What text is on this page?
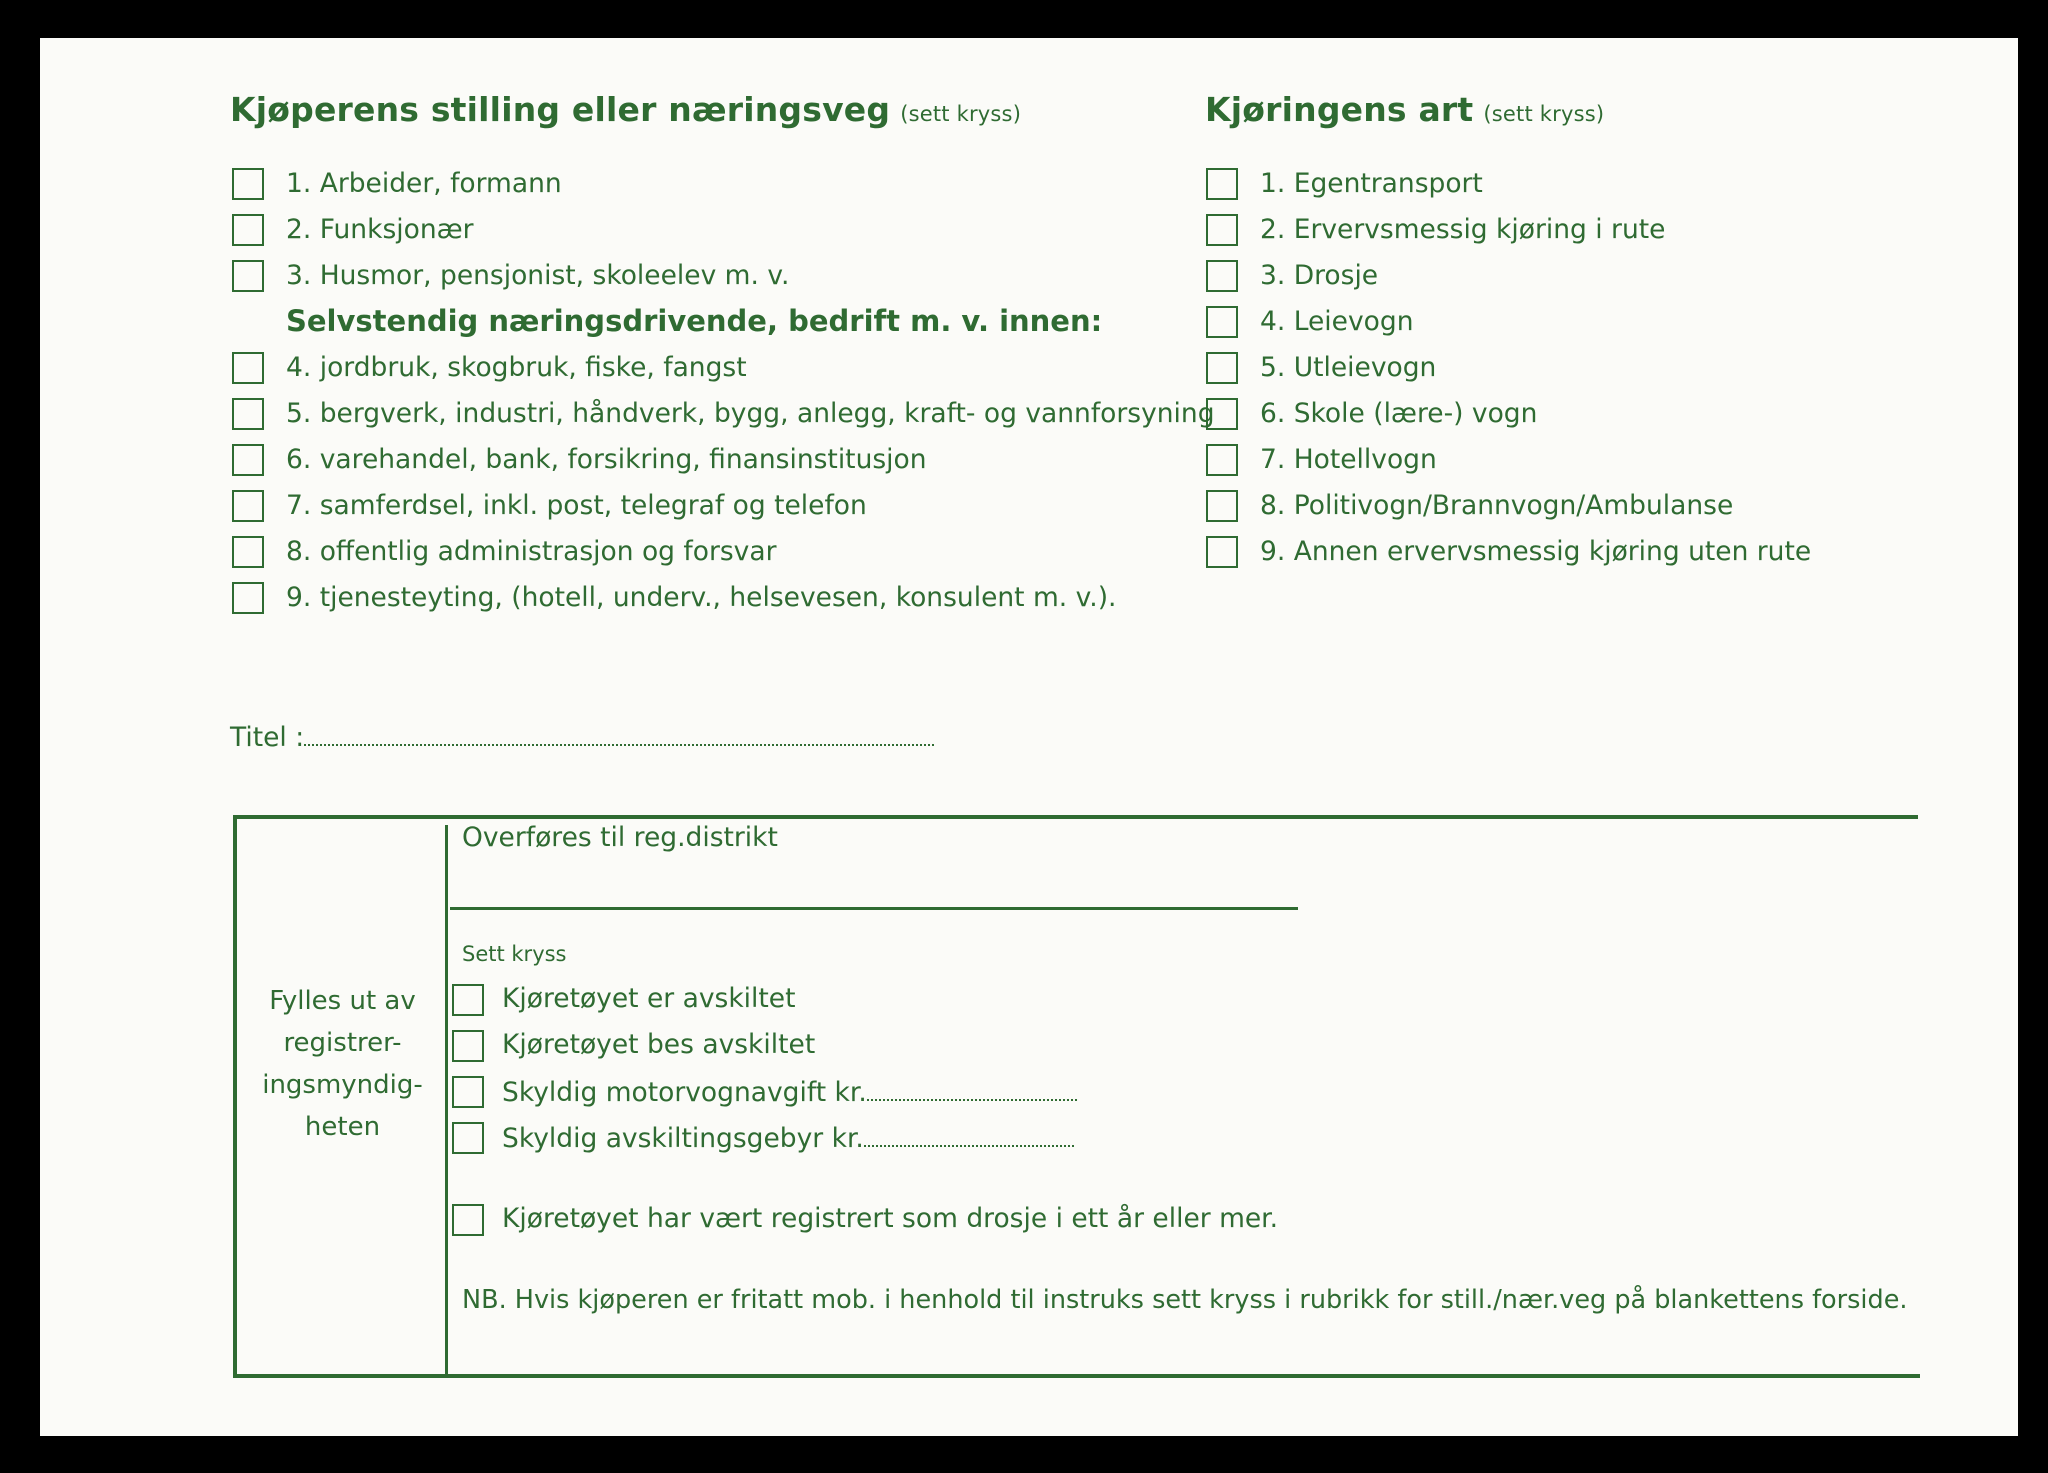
Kjøperens stilling eller næringsveg (sett kryss)
1. Arbeider, formann
2. Funksjonær
3. Husmor, pensjonist, skoleelev m. v.
Selvstendig næringsdrivende, bedrift m. v. innen:
4. jordbruk, skogbruk, fiske, fangst
5. bergverk, industri, håndverk, bygg, anlegg, kraft- og vannforsyning
6. varehandel, bank, forsikring, finansinstitusjon
7. samferdsel, inkl. post, telegraf og telefon
8. offentlig administrasjon og forsvar
9. tjenesteyting, (hotell, underv., helsevesen, konsulent m. v.).
Kjøringens art (sett kryss)
1. Egentransport
2. Ervervsmessig kjøring i rute
3. Drosje
4. Leievogn
5. Utleievogn
6. Skole (lære-) vogn
7. Hotellvogn
8. Politivogn/Brannvogn/Ambulanse
9. Annen ervervsmessig kjøring uten rute
Titel :
Fylles ut av registrer-ingsmyndig-heten
Overføres til reg.distrikt
Sett kryss
Kjøretøyet er avskiltet
Kjøretøyet bes avskiltet
Skyldig motorvognavgift kr.
Skyldig avskiltingsgebyr kr.
Kjøretøyet har vært registrert som drosje i ett år eller mer.
NB. Hvis kjøperen er fritatt mob. i henhold til instruks sett kryss i rubrikk for still./nær.veg på blankettens forside.
